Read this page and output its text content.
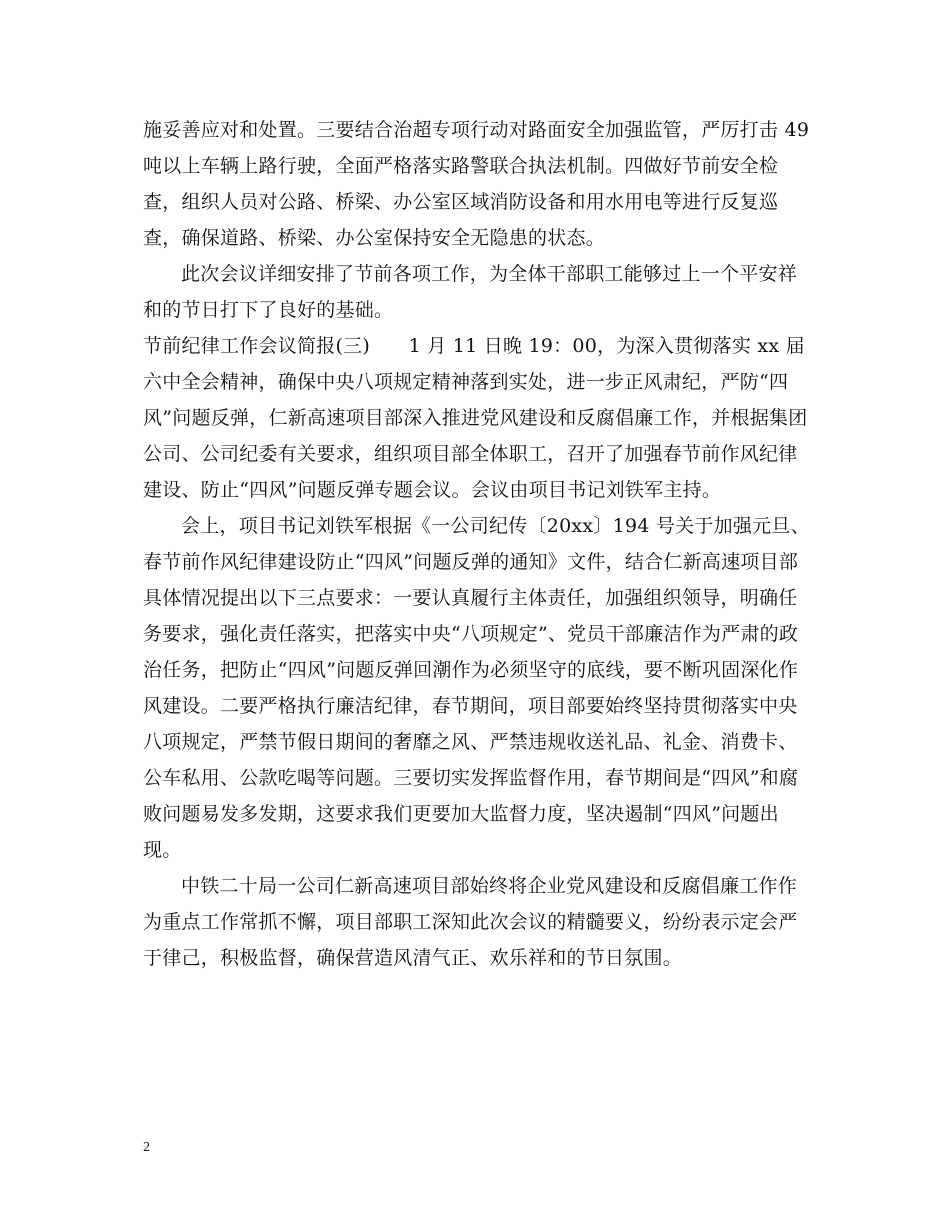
施妥善应对和处置。三要结合治超专项行动对路面安全加强监管，严厉打击 49 吨以上车辆上路行驶，全面严格落实路警联合执法机制。四做好节前安全检查，组织人员对公路、桥梁、办公室区域消防设备和用水用电等进行反复巡查，确保道路、桥梁、办公室保持安全无隐患的状态。

此次会议详细安排了节前各项工作，为全体干部职工能够过上一个平安祥和的节日打下了良好的基础。

节前纪律工作会议简报(三)　　1 月 11 日晚 19：00，为深入贯彻落实 xx 届六中全会精神，确保中央八项规定精神落到实处，进一步正风肃纪，严防“四风”问题反弹，仁新高速项目部深入推进党风建设和反腐倡廉工作，并根据集团公司、公司纪委有关要求，组织项目部全体职工，召开了加强春节前作风纪律建设、防止“四风”问题反弹专题会议。会议由项目书记刘铁军主持。

会上，项目书记刘铁军根据《一公司纪传〔20xx〕194 号关于加强元旦、春节前作风纪律建设防止“四风”问题反弹的通知》文件，结合仁新高速项目部具体情况提出以下三点要求：一要认真履行主体责任，加强组织领导，明确任务要求，强化责任落实，把落实中央“八项规定”、党员干部廉洁作为严肃的政治任务，把防止“四风”问题反弹回潮作为必须坚守的底线，要不断巩固深化作风建设。二要严格执行廉洁纪律，春节期间，项目部要始终坚持贯彻落实中央八项规定，严禁节假日期间的奢靡之风、严禁违规收送礼品、礼金、消费卡、公车私用、公款吃喝等问题。三要切实发挥监督作用，春节期间是“四风”和腐败问题易发多发期，这要求我们更要加大监督力度，坚决遏制“四风”问题出现。

中铁二十局一公司仁新高速项目部始终将企业党风建设和反腐倡廉工作作为重点工作常抓不懈，项目部职工深知此次会议的精髓要义，纷纷表示定会严于律己，积极监督，确保营造风清气正、欢乐祥和的节日氛围。

2
